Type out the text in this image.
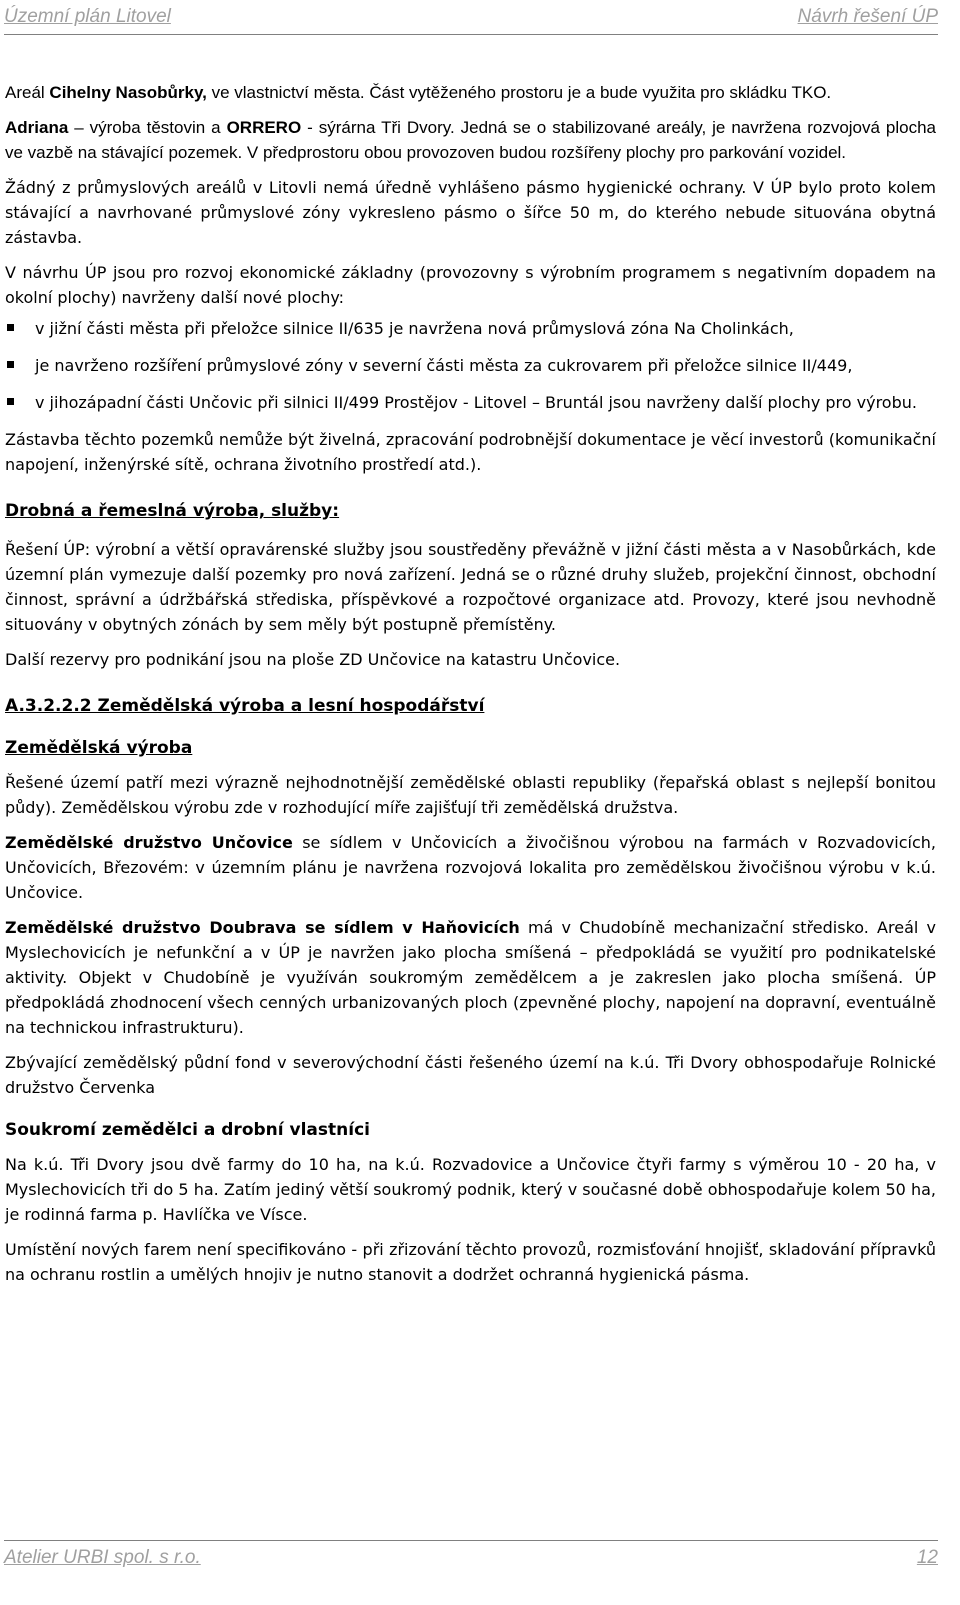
Územní plán Litovel	Návrh řešení ÚP

Areál Cihelny Nasobůrky, ve vlastnictví města. Část vytěženého prostoru je a bude využita pro skládku TKO.

Adriana – výroba těstovin a ORRERO - sýrárna Tři Dvory. Jedná se o stabilizované areály, je navržena rozvojová plocha ve vazbě na stávající pozemek. V předprostoru obou provozoven budou rozšířeny plochy pro parkování vozidel.

Žádný z průmyslových areálů v Litovli nemá úředně vyhlášeno pásmo hygienické ochrany. V ÚP bylo proto kolem stávající a navrhované průmyslové zóny vykresleno pásmo o šířce 50 m, do kterého nebude situována obytná zástavba.

V návrhu ÚP jsou pro rozvoj ekonomické základny (provozovny s výrobním programem s negativním dopadem na okolní plochy) navrženy další nové plochy:

v jižní části města při přeložce silnice II/635 je navržena nová průmyslová zóna Na Cholinkách,
je navrženo rozšíření průmyslové zóny v severní části města za cukrovarem při přeložce silnice II/449,
v jihozápadní části Unčovic při silnici II/499 Prostějov - Litovel – Bruntál jsou navrženy další plochy pro výrobu.

Zástavba těchto pozemků nemůže být živelná, zpracování podrobnější dokumentace je věcí investorů (komunikační napojení, inženýrské sítě, ochrana životního prostředí atd.).

Drobná a řemeslná výroba, služby:

Řešení ÚP: výrobní a větší opravárenské služby jsou soustředěny převážně v jižní části města a v Nasobůrkách, kde územní plán vymezuje další pozemky pro nová zařízení. Jedná se o různé druhy služeb, projekční činnost, obchodní činnost, správní a údržbářská střediska, příspěvkové a rozpočtové organizace atd. Provozy, které jsou nevhodně situovány v obytných zónách by sem měly být postupně přemístěny.

Další rezervy pro podnikání jsou na ploše ZD Unčovice na katastru Unčovice.

A.3.2.2.2 Zemědělská výroba a lesní hospodářství
Zemědělská výroba

Řešené území patří mezi výrazně nejhodnotnější zemědělské oblasti republiky (řepařská oblast s nejlepší bonitou půdy). Zemědělskou výrobu zde v rozhodující míře zajišťují tři zemědělská družstva.

Zemědělské družstvo Unčovice se sídlem v Unčovicích a živočišnou výrobou na farmách v Rozvadovicích, Unčovicích, Březovém: v územním plánu je navržena rozvojová lokalita pro zemědělskou živočišnou výrobu v k.ú. Unčovice.

Zemědělské družstvo Doubrava se sídlem v Haňovicích má v Chudobíně mechanizační středisko. Areál v Myslechovicích je nefunkční a v ÚP je navržen jako plocha smíšená – předpokládá se využití pro podnikatelské aktivity. Objekt v Chudobíně je využíván soukromým zemědělcem a je zakreslen jako plocha smíšená. ÚP předpokládá zhodnocení všech cenných urbanizovaných ploch (zpevněné plochy, napojení na dopravní, eventuálně na technickou infrastrukturu).

Zbývající zemědělský půdní fond v severovýchodní části řešeného území na k.ú. Tři Dvory obhospodařuje Rolnické družstvo Červenka

Soukromí zemědělci a drobní vlastníci

Na k.ú. Tři Dvory jsou dvě farmy do 10 ha, na k.ú. Rozvadovice a Unčovice čtyři farmy s výměrou 10 - 20 ha, v Myslechovicích tři do 5 ha. Zatím jediný větší soukromý podnik, který v současné době obhospodařuje kolem 50 ha, je rodinná farma p. Havlíčka ve Vísce.

Umístění nových farem není specifikováno - při zřizování těchto provozů, rozmisťování hnojišť, skladování přípravků na ochranu rostlin a umělých hnojiv je nutno stanovit a dodržet ochranná hygienická pásma.

Atelier URBI spol. s r.o.	12
